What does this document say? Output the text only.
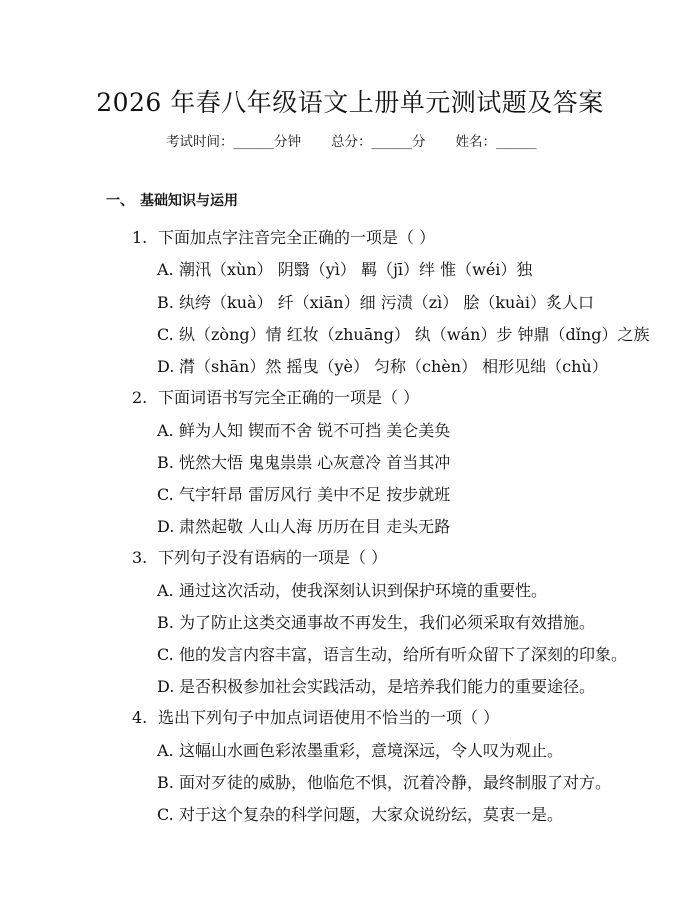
2026 年春八年级语文上册单元测试题及答案
考试时间：______分钟 总分：______分 姓名：______
一、 基础知识与运用
1. 下面加点字注音完全正确的一项是（ ）
A. 潮汛（xùn） 阴翳（yì） 羁（jī）绊 惟（wéi）独
B. 纨绔（kuà） 纤（xiān）细 污渍（zì） 脍（kuài）炙人口
C. 纵（zòng）情 红妆（zhuāng） 纨（wán）步 钟鼎（dǐng）之族
D. 潸（shān）然 摇曳（yè） 匀称（chèn） 相形见绌（chù）
2. 下面词语书写完全正确的一项是（ ）
A. 鲜为人知 锲而不舍 锐不可挡 美仑美奂
B. 恍然大悟 鬼鬼祟祟 心灰意冷 首当其冲
C. 气宇轩昂 雷厉风行 美中不足 按步就班
D. 肃然起敬 人山人海 历历在目 走头无路
3. 下列句子没有语病的一项是（ ）
A. 通过这次活动，使我深刻认识到保护环境的重要性。
B. 为了防止这类交通事故不再发生，我们必须采取有效措施。
C. 他的发言内容丰富，语言生动，给所有听众留下了深刻的印象。
D. 是否积极参加社会实践活动，是培养我们能力的重要途径。
4. 选出下列句子中加点词语使用不恰当的一项（ ）
A. 这幅山水画色彩浓墨重彩，意境深远，令人叹为观止。
B. 面对歹徒的威胁，他临危不惧，沉着冷静，最终制服了对方。
C. 对于这个复杂的科学问题，大家众说纷纭，莫衷一是。
